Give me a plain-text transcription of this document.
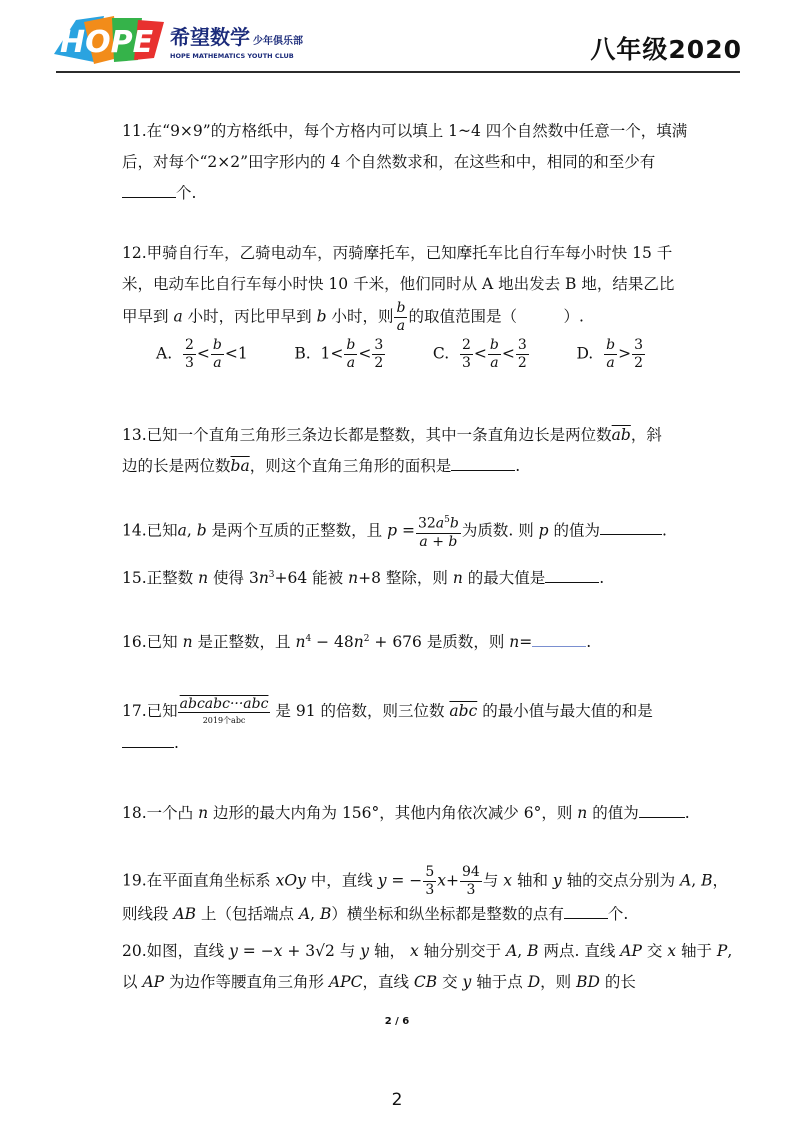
HOPE 希望数学 少年俱乐部
HOPE MATHEMATICS YOUTH CLUB	八年级2020
11.在“9×9”的方格纸中，每个方格内可以填上 1~4 四个自然数中任意一个，填满
后，对每个“2×2”田字形内的 4 个自然数求和，在这些和中，相同的和至少有
个.
12.甲骑自行车，乙骑电动车，丙骑摩托车，已知摩托车比自行车每小时快 15 千
米，电动车比自行车每小时快 10 千米，他们同时从 A 地出发去 B 地，结果乙比
甲早到 a 小时，丙比甲早到 b 小时，则 $\frac{b}{a}$ 的取值范围是（　　　）.
A. $\frac{2}{3} < \frac{b}{a} <1$	B.  $1< \frac{b}{a} < \frac{3}{2}$	C. $\frac{2}{3} < \frac{b}{a} < \frac{3}{2}$	D. $\frac{b}{a} > \frac{3}{2}$
13.已知一个直角三角形三条边长都是整数，其中一条直角边长是两位数$\overline{ab}$，斜
边的长是两位数$\overline{ba}$，则这个直角三角形的面积是	.
14.已知a, b 是两个互质的正整数，且 $p = \frac{32a^5b}{a + b}$ 为质数. 则 p 的值为	.
15.正整数 n 使得 $3n^3+64$ 能被 n+8 整除，则 n 的最大值是	.
16.已知 n 是正整数，且 $n^4 - 48n^2 + 676$ 是质数，则 n=	.
17.已知 abcabc···abc
2019个abc	是 91 的倍数，则三位数 $\overline{abc}$ 的最小值与最大值的和是
.
18.一个凸 n 边形的最大内角为 156°，其他内角依次减少 6°，则 n 的值为	.
19.在平面直角坐标系 xOy 中，直线 y = − $\frac{5}{3} x+ \frac{94}{3}$ 与 x 轴和 y 轴的交点分别为 A, B，
则线段 AB 上（包括端点 A, B）横坐标和纵坐标都是整数的点有	个.
20.如图，直线 y = −x + 3√2 与 y 轴， x 轴分别交于 A, B 两点. 直线 AP 交 x 轴于 P,
以 AP 为边作等腰直角三角形 APC，直线 CB 交 y 轴于点 D，则 BD 的长
2 / 6
2
